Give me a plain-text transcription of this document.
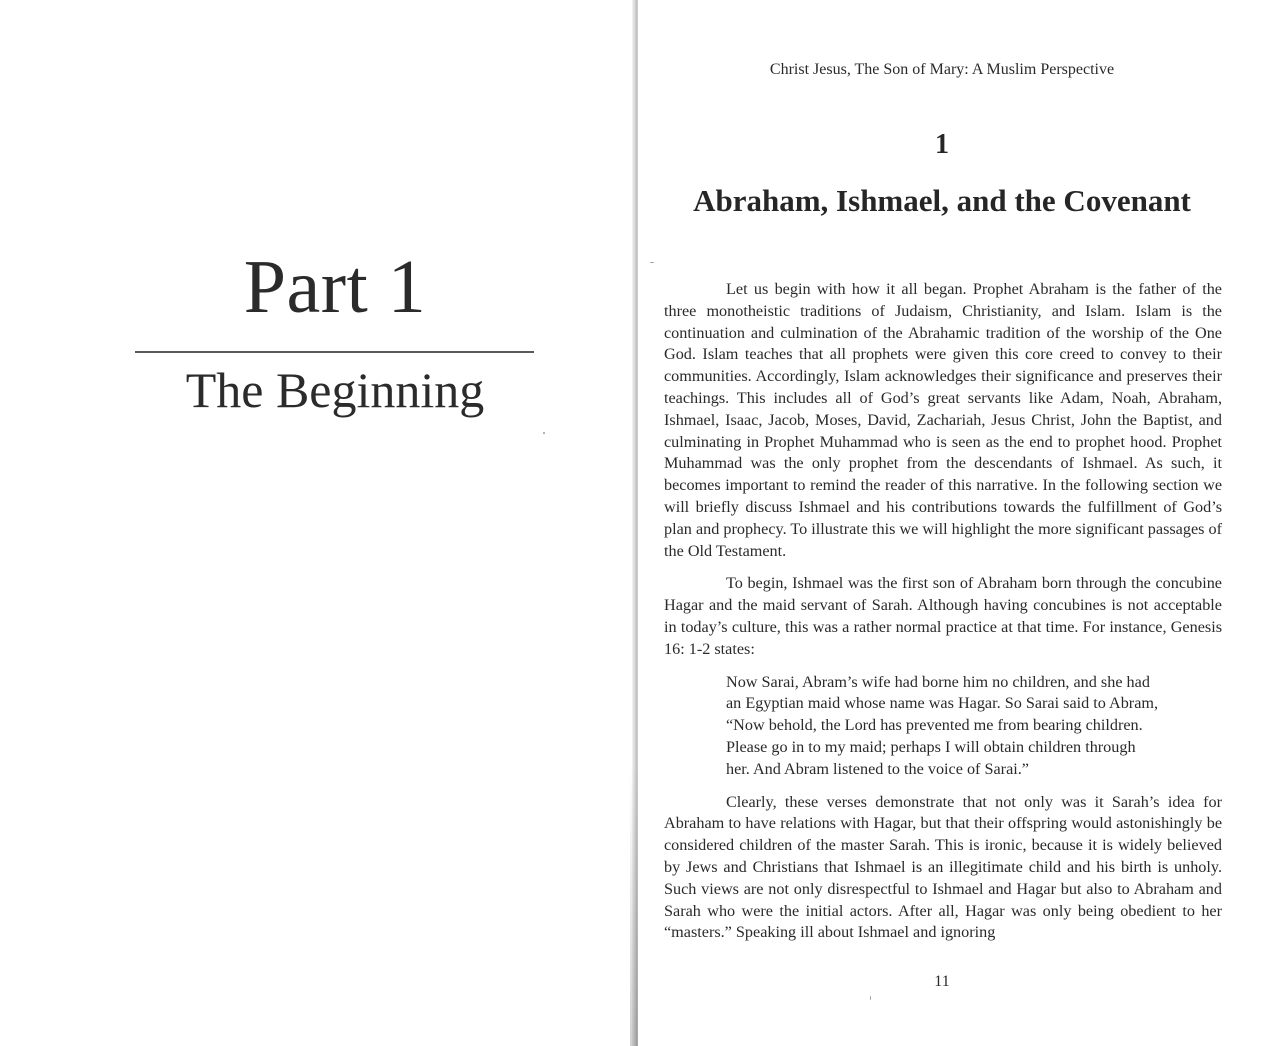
Part 1
The Beginning
Christ Jesus, The Son of Mary: A Muslim Perspective
1
Abraham, Ishmael, and the Covenant

Let us begin with how it all began. Prophet Abraham is the father of the three monotheistic traditions of Judaism, Christianity, and Islam. Islam is the continuation and culmination of the Abrahamic tradition of the worship of the One God. Islam teaches that all prophets were given this core creed to convey to their communities. Accordingly, Islam acknowledges their significance and preserves their teachings. This includes all of God’s great servants like Adam, Noah, Abraham, Ishmael, Isaac, Jacob, Moses, David, Zachariah, Jesus Christ, John the Baptist, and culminating in Prophet Muhammad who is seen as the end to prophet hood. Prophet Muhammad was the only prophet from the descendants of Ishmael. As such, it becomes important to remind the reader of this narrative. In the following section we will briefly discuss Ishmael and his contributions towards the fulfillment of God’s plan and prophecy. To illustrate this we will highlight the more significant passages of the Old Testament.

To begin, Ishmael was the first son of Abraham born through the concubine Hagar and the maid servant of Sarah. Although having concubines is not acceptable in today’s culture, this was a rather normal practice at that time. For instance, Genesis 16: 1-2 states:

Now Sarai, Abram’s wife had borne him no children, and she had an Egyptian maid whose name was Hagar. So Sarai said to Abram, “Now behold, the Lord has prevented me from bearing children. Please go in to my maid; perhaps I will obtain children through her. And Abram listened to the voice of Sarai.”

Clearly, these verses demonstrate that not only was it Sarah’s idea for Abraham to have relations with Hagar, but that their offspring would astonishingly be considered children of the master Sarah. This is ironic, because it is widely believed by Jews and Christians that Ishmael is an illegitimate child and his birth is unholy. Such views are not only disrespectful to Ishmael and Hagar but also to Abraham and Sarah who were the initial actors. After all, Hagar was only being obedient to her “masters.” Speaking ill about Ishmael and ignoring

11
